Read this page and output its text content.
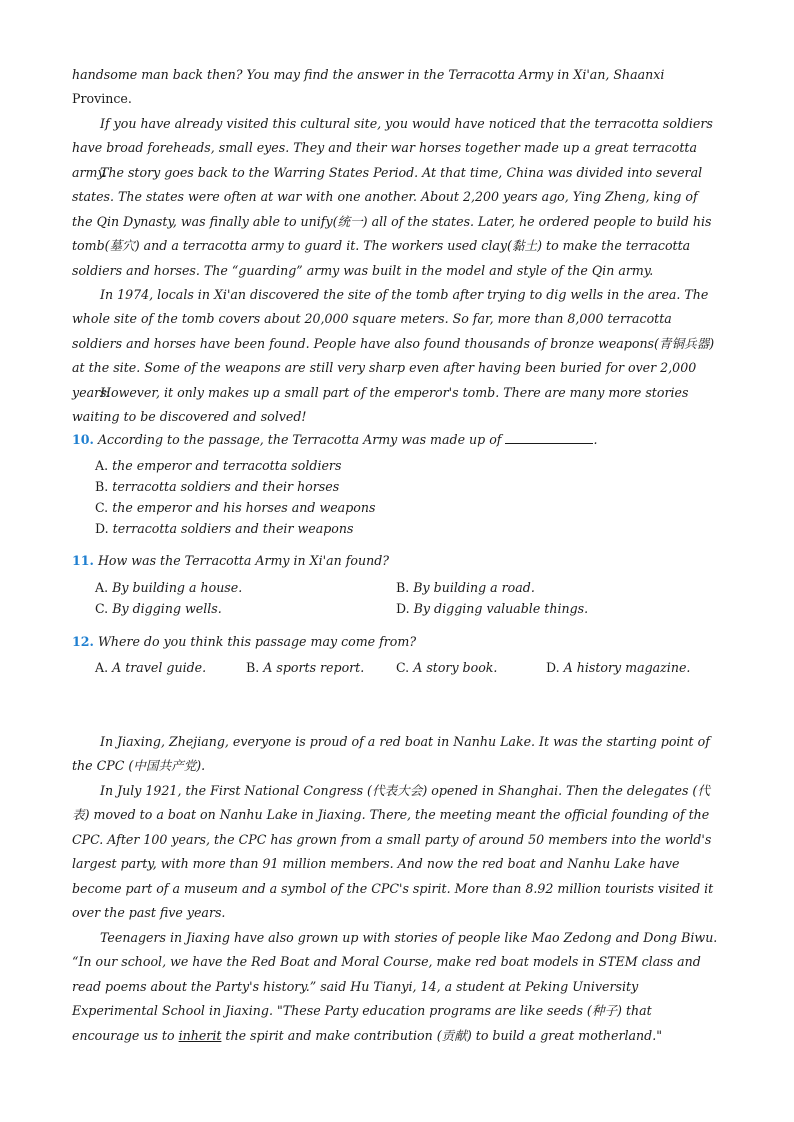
handsome man back then? You may find the answer in the Terracotta Army in Xi'an, Shaanxi
Province.

If you have already visited this cultural site, you would have noticed that the terracotta soldiers have broad foreheads, small eyes. They and their war horses together made up a great terracotta army.

The story goes back to the Warring States Period. At that time, China was divided into several states. The states were often at war with one another. About 2,200 years ago, Ying Zheng, king of the Qin Dynasty, was finally able to unify(统一) all of the states. Later, he ordered people to build his tomb(墓穴) and a terracotta army to guard it. The workers used clay(黏土) to make the terracotta soldiers and horses. The “guarding” army was built in the model and style of the Qin army.

In 1974, locals in Xi'an discovered the site of the tomb after trying to dig wells in the area. The whole site of the tomb covers about 20,000 square meters. So far, more than 8,000 terracotta soldiers and horses have been found. People have also found thousands of bronze weapons(青铜兵器) at the site. Some of the weapons are still very sharp even after having been buried for over 2,000 years.

However, it only makes up a small part of the emperor's tomb. There are many more stories waiting to be discovered and solved!

10. According to the passage, the Terracotta Army was made up of	.

A. the emperor and terracotta soldiers

B. terracotta soldiers and their horses

C. the emperor and his horses and weapons

D. terracotta soldiers and their weapons

11. How was the Terracotta Army in Xi'an found?

A. By building a house.	B. By building a road.

C. By digging wells.	D. By digging valuable things.

12. Where do you think this passage may come from?

A. A travel guide.	B. A sports report.	C. A story book.	D. A history magazine.

In Jiaxing, Zhejiang, everyone is proud of a red boat in Nanhu Lake. It was the starting point of the CPC (中国共产党).

In July 1921, the First National Congress (代表大会) opened in Shanghai. Then the delegates (代表) moved to a boat on Nanhu Lake in Jiaxing. There, the meeting meant the official founding of the CPC. After 100 years, the CPC has grown from a small party of around 50 members into the world's largest party, with more than 91 million members. And now the red boat and Nanhu Lake have become part of a museum and a symbol of the CPC's spirit. More than 8.92 million tourists visited it over the past five years.

Teenagers in Jiaxing have also grown up with stories of people like Mao Zedong and Dong Biwu. “In our school, we have the Red Boat and Moral Course, make red boat models in STEM class and read poems about the Party's history.” said Hu Tianyi, 14, a student at Peking University Experimental School in Jiaxing. "These Party education programs are like seeds (种子) that encourage us to inherit the spirit and make contribution (贡献) to build a great motherland."
